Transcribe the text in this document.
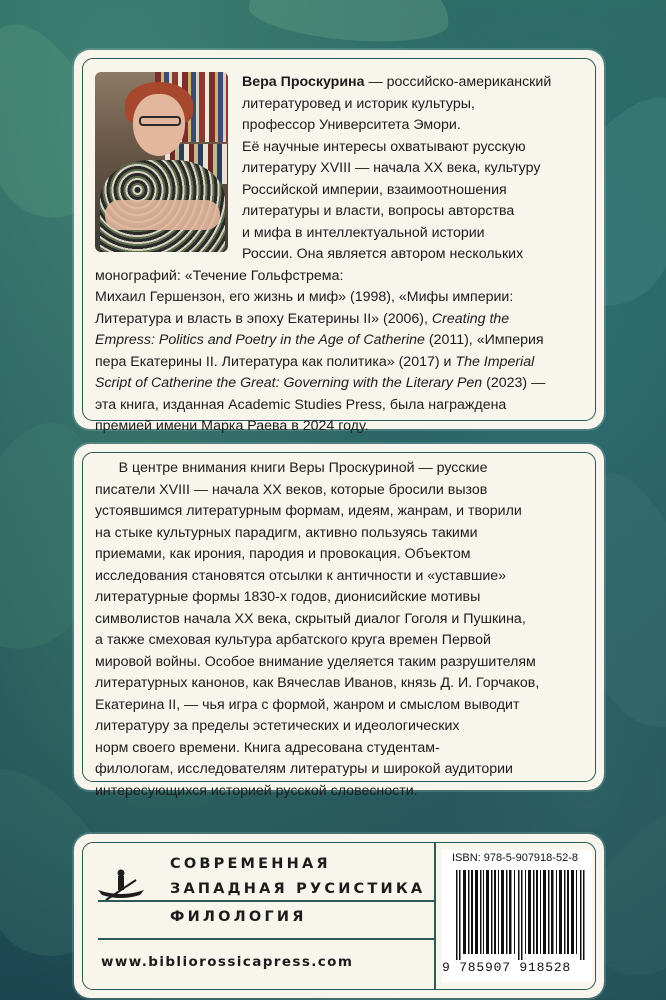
Вера Проскурина — российско-американский
литературовед и историк культуры,
профессор Университета Эмори.
Её научные интересы охватывают русскую
литературу XVIII — начала XX века, культуру
Российской империи, взаимоотношения
литературы и власти, вопросы авторства
и мифа в интеллектуальной истории
России. Она является автором нескольких
монографий: «Течение Гольфстрема:
Михаил Гершензон, его жизнь и миф» (1998), «Мифы империи:
Литература и власть в эпоху Екатерины II» (2006), Creating the
Empress: Politics and Poetry in the Age of Catherine (2011), «Империя
пера Екатерины II. Литература как политика» (2017) и The Imperial
Script of Catherine the Great: Governing with the Literary Pen (2023) —
эта книга, изданная Academic Studies Press, была награждена
премией имени Марка Раева в 2024 году.
В центре внимания книги Веры Проскуриной — русские
писатели XVIII — начала XX веков, которые бросили вызов
устоявшимся литературным формам, идеям, жанрам, и творили
на стыке культурных парадигм, активно пользуясь такими
приемами, как ирония, пародия и провокация. Объектом
исследования становятся отсылки к античности и «уставшие»
литературные формы 1830-х годов, дионисийские мотивы
символистов начала XX века, скрытый диалог Гоголя и Пушкина,
а также смеховая культура арбатского круга времен Первой
мировой войны. Особое внимание уделяется таким разрушителям
литературных канонов, как Вячеслав Иванов, князь Д. И. Горчаков,
Екатерина II, — чья игра с формой, жанром и смыслом выводит
литературу за пределы эстетических и идеологических
норм своего времени. Книга адресована студентам-
филологам, исследователям литературы и широкой аудитории
интересующихся историей русской словесности.
СОВРЕМЕННАЯ
ЗАПАДНАЯ РУСИСТИКА
ФИЛОЛОГИЯ
www.bibliorossicapress.com
ISBN: 978-5-907918-52-8
9 785907 918528
